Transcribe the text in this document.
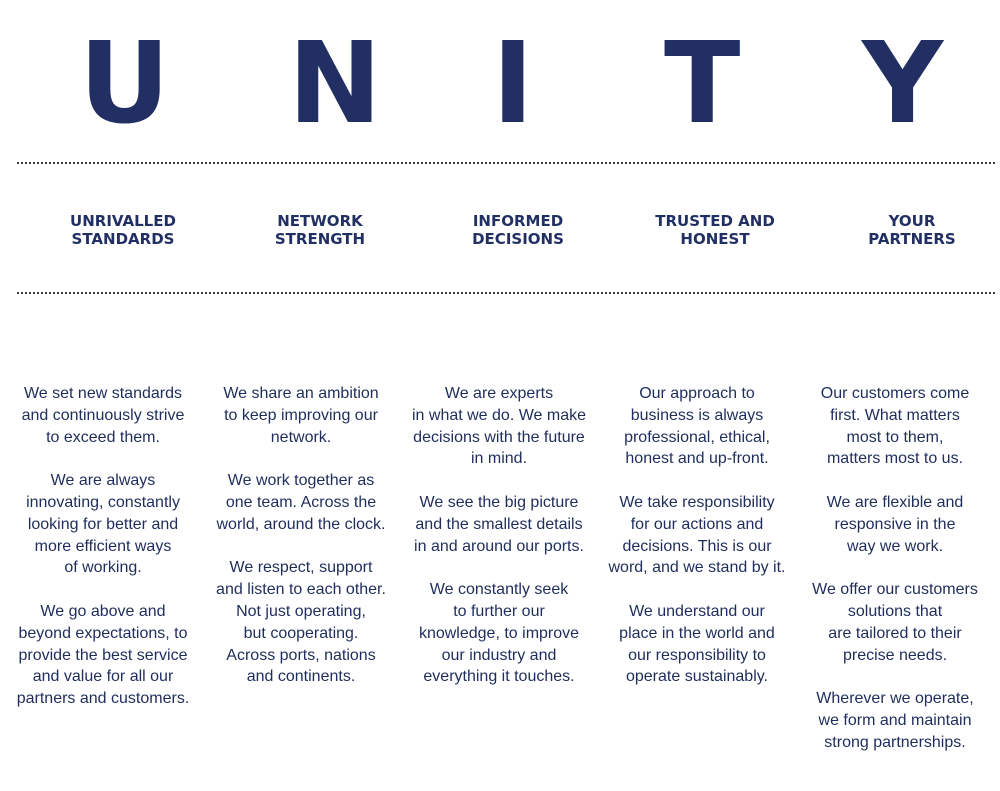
U N I T Y
UNRIVALLED
STANDARDS
NETWORK
STRENGTH
INFORMED
DECISIONS
TRUSTED AND
HONEST
YOUR
PARTNERS
We set new standards
and continuously strive
to exceed them.
We are always
innovating, constantly
looking for better and
more efficient ways
of working.
We go above and
beyond expectations, to
provide the best service
and value for all our
partners and customers.
We share an ambition
to keep improving our
network.
We work together as
one team. Across the
world, around the clock.
We respect, support
and listen to each other.
Not just operating,
but cooperating.
Across ports, nations
and continents.
We are experts
in what we do. We make
decisions with the future
in mind.
We see the big picture
and the smallest details
in and around our ports.
We constantly seek
to further our
knowledge, to improve
our industry and
everything it touches.
Our approach to
business is always
professional, ethical,
honest and up-front.
We take responsibility
for our actions and
decisions. This is our
word, and we stand by it.
We understand our
place in the world and
our responsibility to
operate sustainably.
Our customers come
first. What matters
most to them,
matters most to us.
We are flexible and
responsive in the
way we work.
We offer our customers
solutions that
are tailored to their
precise needs.
Wherever we operate,
we form and maintain
strong partnerships.
